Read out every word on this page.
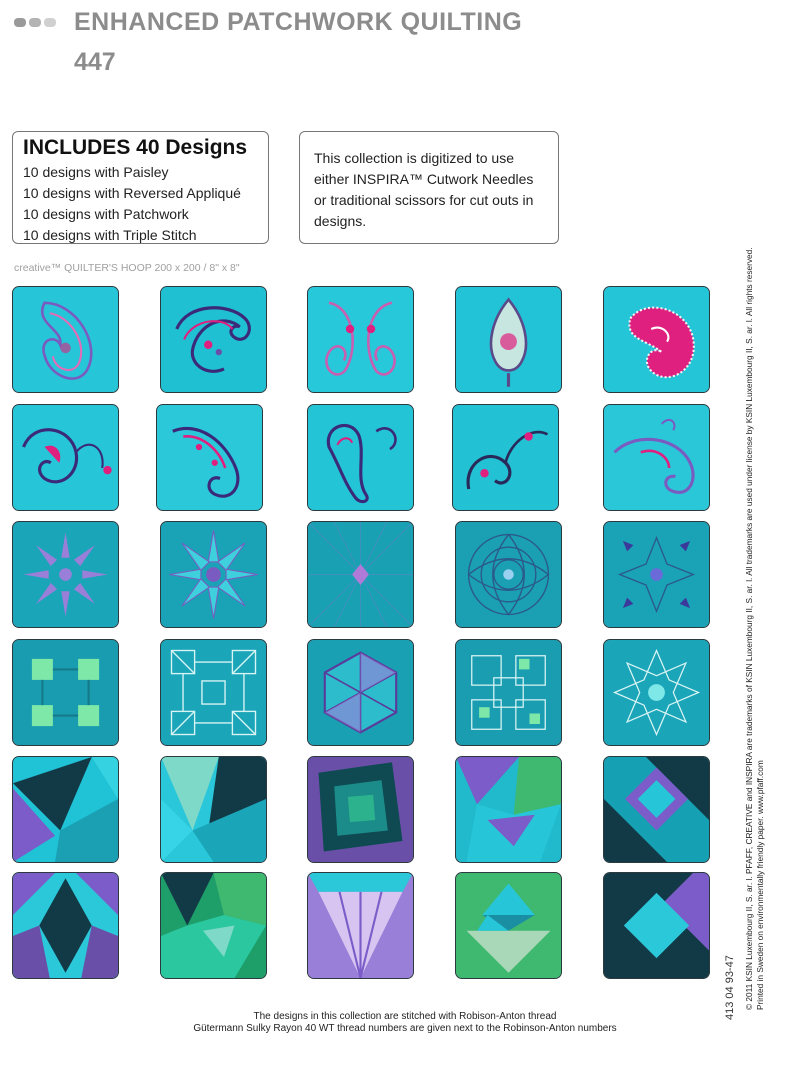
ENHANCED PATCHWORK QUILTING
447
INCLUDES 40 Designs
10 designs with Paisley
10 designs with Reversed Appliqué
10 designs with Patchwork
10 designs with Triple Stitch
This collection is digitized to use either INSPIRA™ Cutwork Needles or traditional scissors for cut outs in designs.
creative™ QUILTER'S HOOP 200 x 200 / 8" x 8"
413 04 93-47 © 2011 KSIN Luxembourg II, S. ar. l. PFAFF, CREATIVE and INSPIRA are trademarks of KSIN Luxembourg II, S. ar. l. All trademarks are used under license by KSIN Luxembourg II, S. ar. l. All rights reserved. Printed in Sweden on environmentally friendly paper. www.pfaff.com
The designs in this collection are stitched with Robison-Anton thread
Gütermann Sulky Rayon 40 WT thread numbers are given next to the Robinson-Anton numbers
